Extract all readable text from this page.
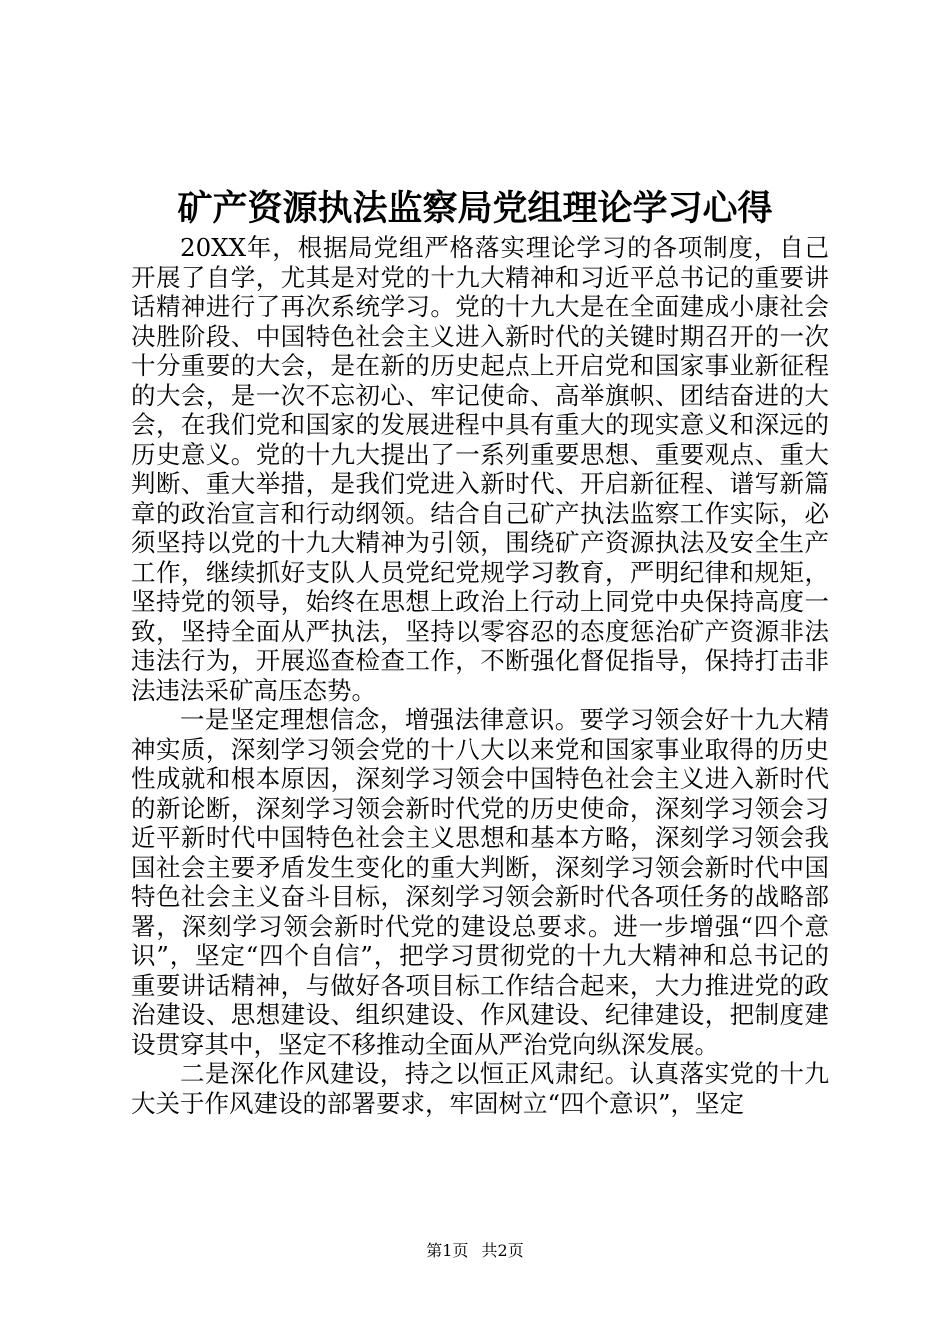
矿产资源执法监察局党组理论学习心得

20XX年，根据局党组严格落实理论学习的各项制度，自己开展了自学，尤其是对党的十九大精神和习近平总书记的重要讲话精神进行了再次系统学习。党的十九大是在全面建成小康社会决胜阶段、中国特色社会主义进入新时代的关键时期召开的一次十分重要的大会，是在新的历史起点上开启党和国家事业新征程的大会，是一次不忘初心、牢记使命、高举旗帜、团结奋进的大会，在我们党和国家的发展进程中具有重大的现实意义和深远的历史意义。党的十九大提出了一系列重要思想、重要观点、重大判断、重大举措，是我们党进入新时代、开启新征程、谱写新篇章的政治宣言和行动纲领。结合自己矿产执法监察工作实际，必须坚持以党的十九大精神为引领，围绕矿产资源执法及安全生产工作，继续抓好支队人员党纪党规学习教育，严明纪律和规矩，坚持党的领导，始终在思想上政治上行动上同党中央保持高度一致，坚持全面从严执法，坚持以零容忍的态度惩治矿产资源非法违法行为，开展巡查检查工作，不断强化督促指导，保持打击非法违法采矿高压态势。

一是坚定理想信念，增强法律意识。要学习领会好十九大精神实质，深刻学习领会党的十八大以来党和国家事业取得的历史性成就和根本原因，深刻学习领会中国特色社会主义进入新时代的新论断，深刻学习领会新时代党的历史使命，深刻学习领会习近平新时代中国特色社会主义思想和基本方略，深刻学习领会我国社会主要矛盾发生变化的重大判断，深刻学习领会新时代中国特色社会主义奋斗目标，深刻学习领会新时代各项任务的战略部署，深刻学习领会新时代党的建设总要求。进一步增强“四个意识”，坚定“四个自信”，把学习贯彻党的十九大精神和总书记的重要讲话精神，与做好各项目标工作结合起来，大力推进党的政治建设、思想建设、组织建设、作风建设、纪律建设，把制度建设贯穿其中，坚定不移推动全面从严治党向纵深发展。

二是深化作风建设，持之以恒正风肃纪。认真落实党的十九大关于作风建设的部署要求，牢固树立“四个意识”，坚定

第1页 共2页
